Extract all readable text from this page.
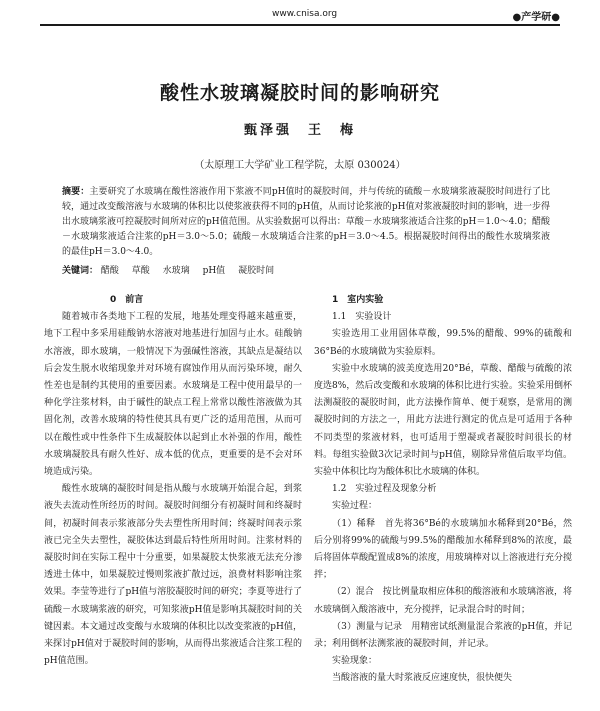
www.cnisa.org	●产学研●
酸性水玻璃凝胶时间的影响研究
甄泽强　王　梅
（太原理工大学矿业工程学院，太原 030024）
摘要：主要研究了水玻璃在酸性溶液作用下浆液不同pH值时的凝胶时间，并与传统的硫酸－水玻璃浆液凝胶时间进行了比较，通过改变酸溶液与水玻璃的体积比以使浆液获得不同的pH值，从而讨论浆液的pH值对浆液凝胶时间的影响，进一步得出水玻璃浆液可控凝胶时间所对应的pH值范围。从实验数据可以得出：草酸－水玻璃浆液适合注浆的pH＝1.0～4.0；醋酸－水玻璃浆液适合注浆的pH＝3.0～5.0；硫酸－水玻璃适合注浆的pH＝3.0～4.5。根据凝胶时间得出的酸性水玻璃浆液的最佳pH＝3.0～4.0。
关键词： 醋酸 草酸 水玻璃 pH值 凝胶时间

0　前言

随着城市各类地下工程的发展，地基处理变得越来越重要，地下工程中多采用硅酸钠水溶液对地基进行加固与止水。硅酸钠水溶液，即水玻璃，一般情况下为强碱性溶液，其缺点是凝结以后会发生脱水收缩现象并对环境有腐蚀作用从而污染环境，耐久性差也是制约其使用的重要因素。水玻璃是工程中使用最早的一种化学注浆材料，由于碱性的缺点工程上常常以酸性溶液做为其固化剂，改善水玻璃的特性使其具有更广泛的适用范围，从而可以在酸性或中性条件下生成凝胶体以起到止水补强的作用，酸性水玻璃凝胶具有耐久性好、成本低的优点，更重要的是不会对环境造成污染。

酸性水玻璃的凝胶时间是指从酸与水玻璃开始混合起，到浆液失去流动性所经历的时间。凝胶时间细分有初凝时间和终凝时间，初凝时间表示浆液部分失去塑性所用时间；终凝时间表示浆液已完全失去塑性，凝胶体达到最后特性所用时间。注浆材料的凝胶时间在实际工程中十分重要，如果凝胶太快浆液无法充分渗透进土体中，如果凝胶过慢则浆液扩散过远，浪费材料影响注浆效果。李莹等进行了pH值与溶胶凝胶时间的研究；李夏等进行了硫酸－水玻璃浆液的研究，可知浆液pH值是影响其凝胶时间的关键因素。本文通过改变酸与水玻璃的体积比以改变浆液的pH值，来探讨pH值对于凝胶时间的影响，从而得出浆液适合注浆工程的pH值范围。

1　室内实验

1.1　实验设计

实验选用工业用固体草酸，99.5%的醋酸、99%的硫酸和36°Bé的水玻璃做为实验原料。

实验中水玻璃的波美度选用20°Bé，草酸、醋酸与硫酸的浓度选8%，然后改变酸和水玻璃的体积比进行实验。实验采用倒杯法测凝胶的凝胶时间，此方法操作简单、便于观察，是常用的测凝胶时间的方法之一，用此方法进行测定的优点是可适用于各种不同类型的浆液材料，也可适用于塑凝或者凝胶时间很长的材料。每组实验做3次记录时间与pH值，剔除异常值后取平均值。实验中体积比均为酸体积比水玻璃的体积。

1.2　实验过程及现象分析

实验过程：

（1）稀释　首先将36°Bé的水玻璃加水稀释到20°Bé，然后分别将99%的硫酸与99.5%的醋酸加水稀释到8%的浓度，最后将固体草酸配置成8%的浓度，用玻璃棒对以上溶液进行充分搅拌；

（2）混合　按比例量取相应体积的酸溶液和水玻璃溶液，将水玻璃倒入酸溶液中，充分搅拌，记录混合时的时间；

（3）测量与记录　用精密试纸测量混合浆液的pH值，并记录；利用倒杯法测浆液的凝胶时间，并记录。

实验现象：

当酸溶液的量大时浆液反应速度快，很快便失
